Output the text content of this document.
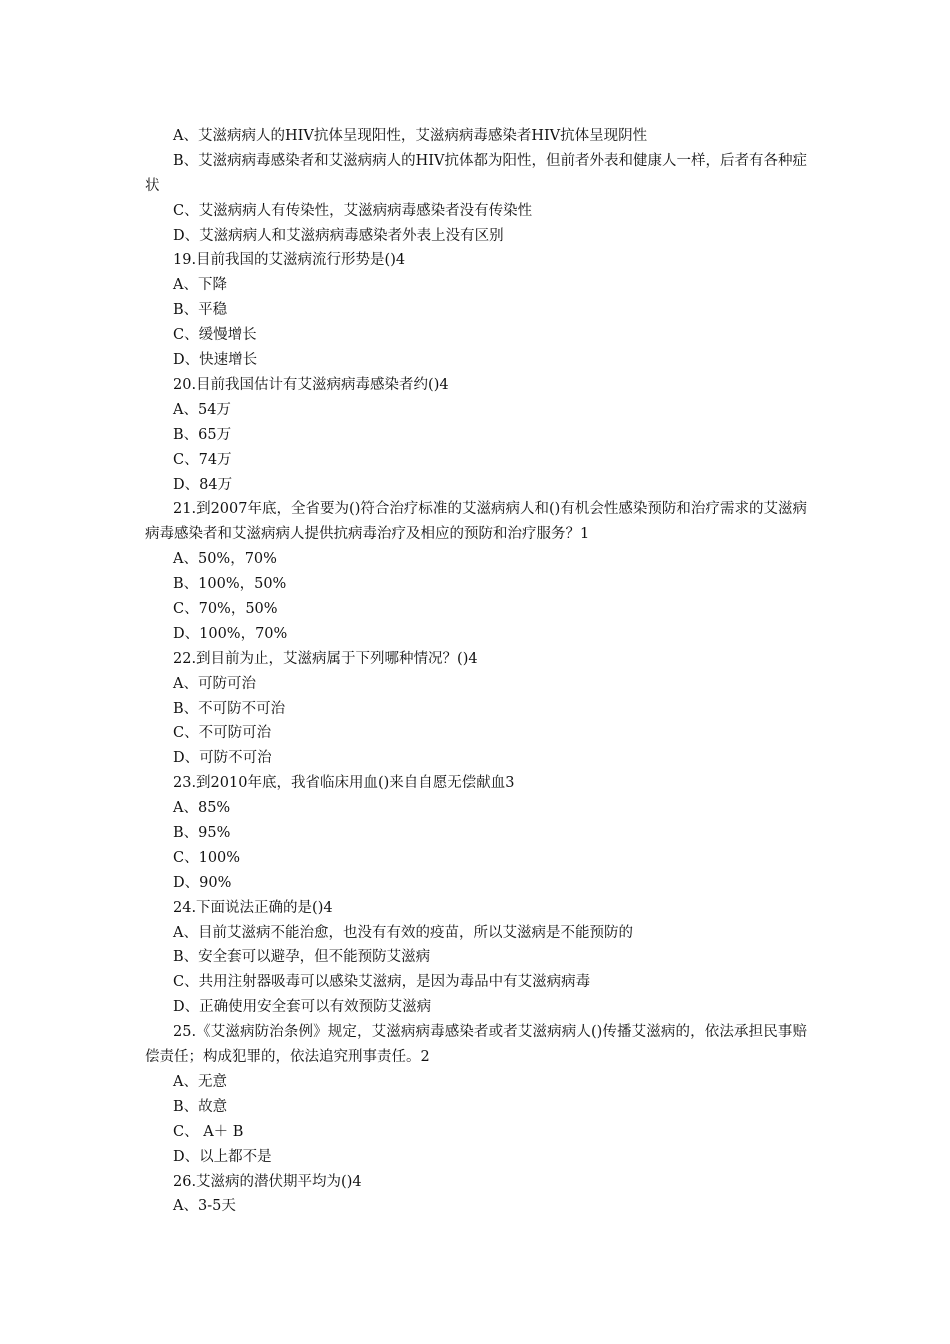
A、艾滋病病人的HIV抗体呈现阳性，艾滋病病毒感染者HIV抗体呈现阴性
B、艾滋病病毒感染者和艾滋病病人的HIV抗体都为阳性，但前者外表和健康人一样，后者有各种症状
C、艾滋病病人有传染性，艾滋病病毒感染者没有传染性
D、艾滋病病人和艾滋病病毒感染者外表上没有区别
19.目前我国的艾滋病流行形势是()4
A、下降
B、平稳
C、缓慢增长
D、快速增长
20.目前我国估计有艾滋病病毒感染者约()4
A、54万
B、65万
C、74万
D、84万
21.到2007年底，全省要为()符合治疗标准的艾滋病病人和()有机会性感染预防和治疗需求的艾滋病病毒感染者和艾滋病病人提供抗病毒治疗及相应的预防和治疗服务？1
A、50%，70%
B、100%，50%
C、70%，50%
D、100%，70%
22.到目前为止，艾滋病属于下列哪种情况？()4
A、可防可治
B、不可防不可治
C、不可防可治
D、可防不可治
23.到2010年底，我省临床用血()来自自愿无偿献血3
A、85%
B、95%
C、100%
D、90%
24.下面说法正确的是()4
A、目前艾滋病不能治愈，也没有有效的疫苗，所以艾滋病是不能预防的
B、安全套可以避孕，但不能预防艾滋病
C、共用注射器吸毒可以感染艾滋病，是因为毒品中有艾滋病病毒
D、正确使用安全套可以有效预防艾滋病
25.《艾滋病防治条例》规定，艾滋病病毒感染者或者艾滋病病人()传播艾滋病的，依法承担民事赔偿责任；构成犯罪的，依法追究刑事责任。2
A、无意
B、故意
C、 A＋ B
D、以上都不是
26.艾滋病的潜伏期平均为()4
A、3-5天
